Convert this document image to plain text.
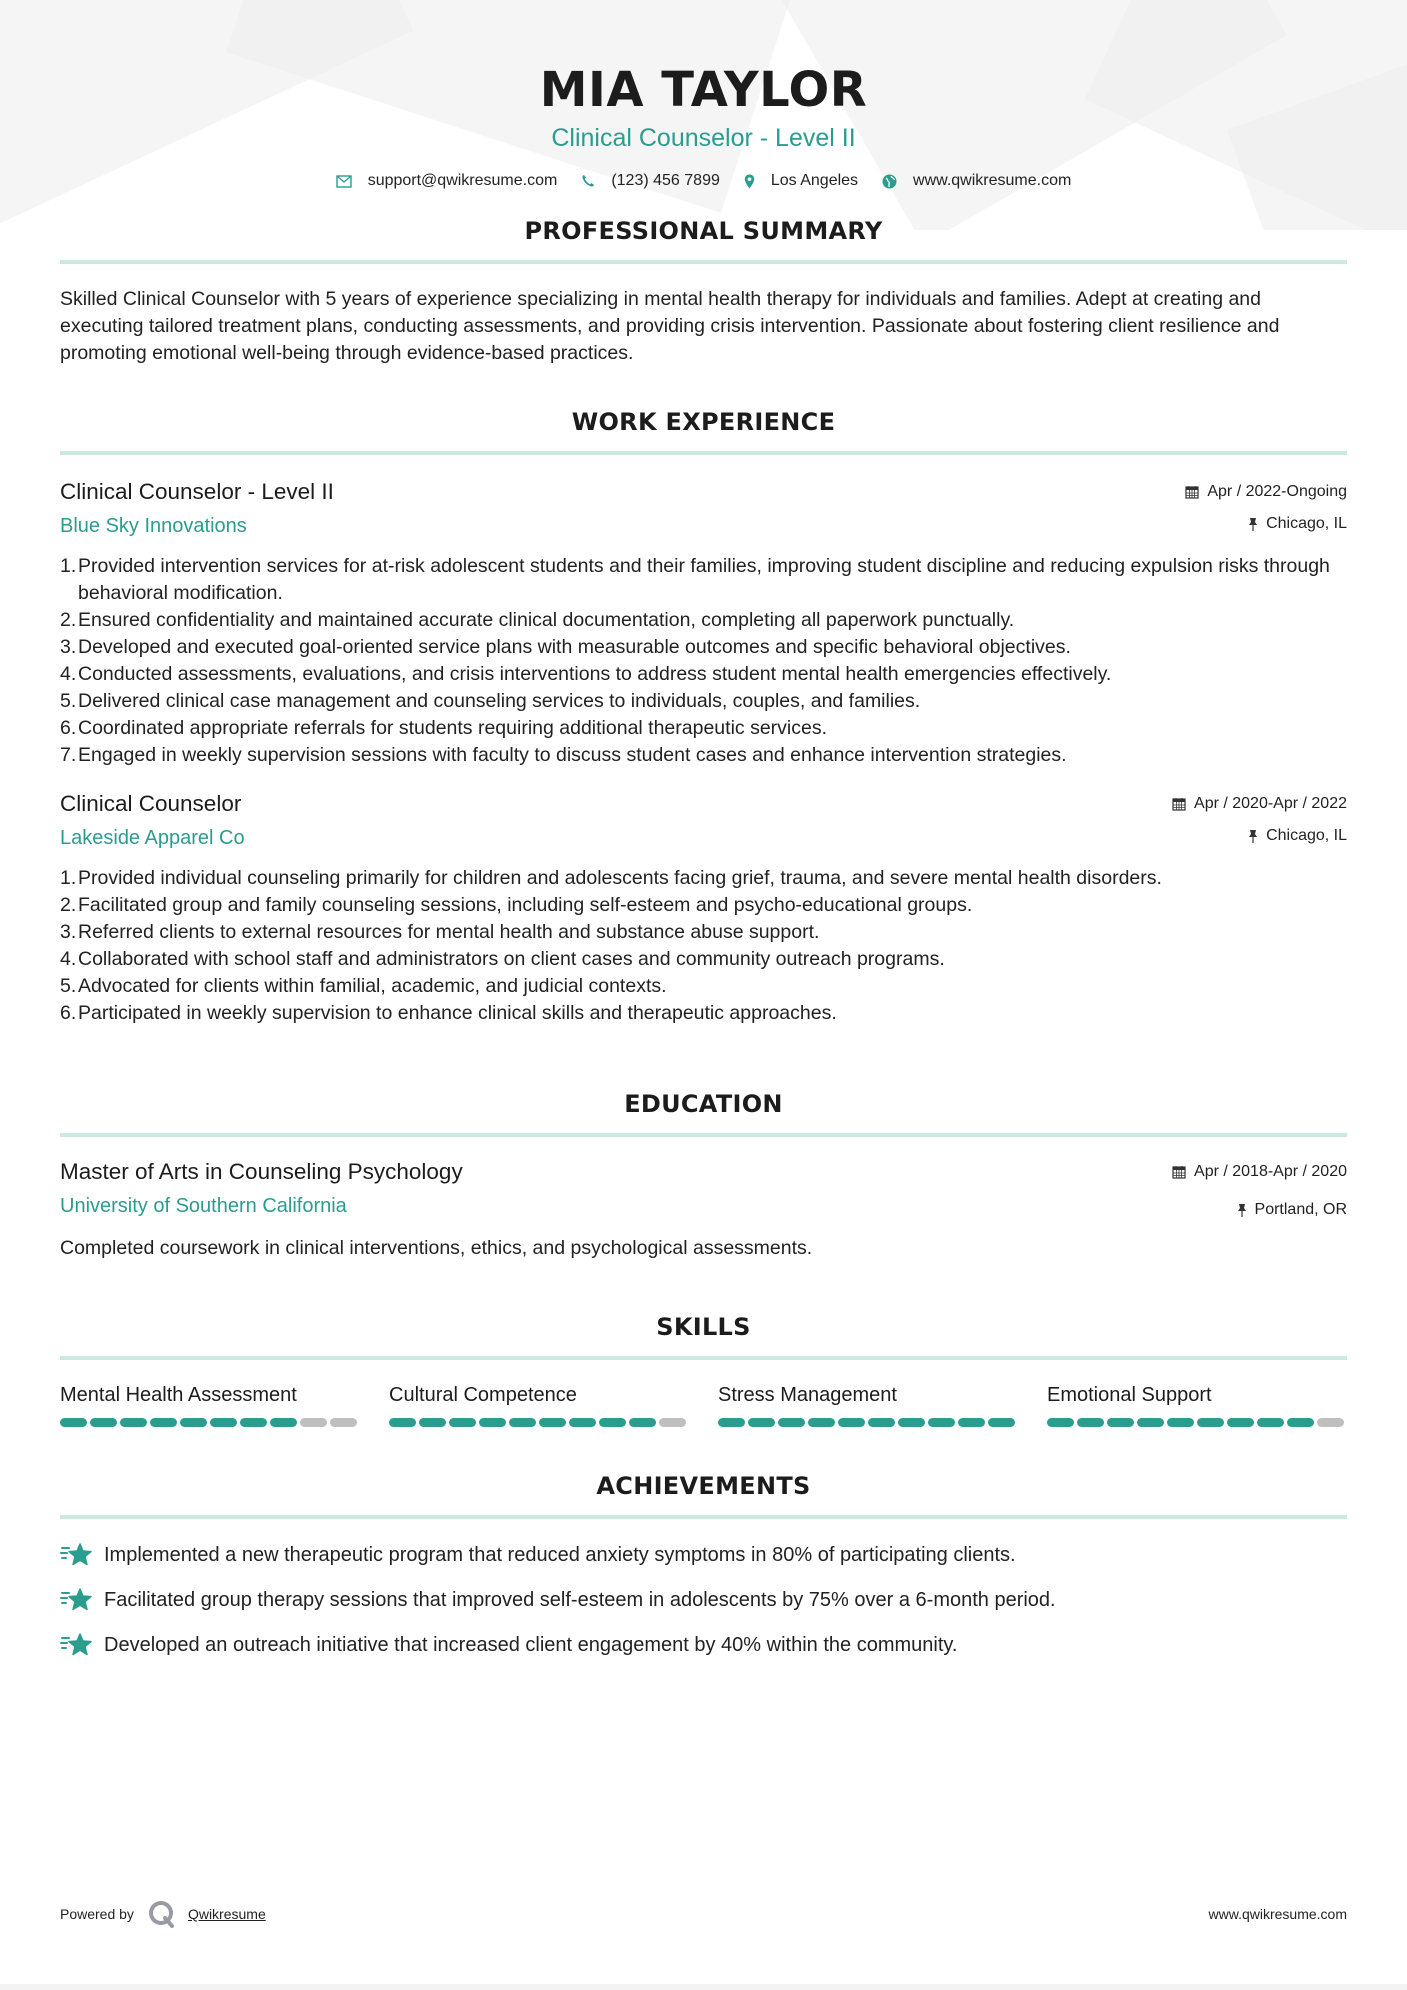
MIA TAYLOR
Clinical Counselor - Level II
support@qwikresume.com	(123) 456 7899	Los Angeles	www.qwikresume.com
PROFESSIONAL SUMMARY
Skilled Clinical Counselor with 5 years of experience specializing in mental health therapy for individuals and families. Adept at creating and executing tailored treatment plans, conducting assessments, and providing crisis intervention. Passionate about fostering client resilience and promoting emotional well-being through evidence-based practices.
WORK EXPERIENCE
Clinical Counselor - Level II
Blue Sky Innovations
Apr / 2022-Ongoing
Chicago, IL
1. Provided intervention services for at-risk adolescent students and their families, improving student discipline and reducing expulsion risks through behavioral modification.
2. Ensured confidentiality and maintained accurate clinical documentation, completing all paperwork punctually.
3. Developed and executed goal-oriented service plans with measurable outcomes and specific behavioral objectives.
4. Conducted assessments, evaluations, and crisis interventions to address student mental health emergencies effectively.
5. Delivered clinical case management and counseling services to individuals, couples, and families.
6. Coordinated appropriate referrals for students requiring additional therapeutic services.
7. Engaged in weekly supervision sessions with faculty to discuss student cases and enhance intervention strategies.
Clinical Counselor
Lakeside Apparel Co
Apr / 2020-Apr / 2022
Chicago, IL
1. Provided individual counseling primarily for children and adolescents facing grief, trauma, and severe mental health disorders.
2. Facilitated group and family counseling sessions, including self-esteem and psycho-educational groups.
3. Referred clients to external resources for mental health and substance abuse support.
4. Collaborated with school staff and administrators on client cases and community outreach programs.
5. Advocated for clients within familial, academic, and judicial contexts.
6. Participated in weekly supervision to enhance clinical skills and therapeutic approaches.
EDUCATION
Master of Arts in Counseling Psychology
University of Southern California
Apr / 2018-Apr / 2020
Portland, OR
Completed coursework in clinical interventions, ethics, and psychological assessments.
SKILLS
Mental Health Assessment	Cultural Competence	Stress Management	Emotional Support
ACHIEVEMENTS
Implemented a new therapeutic program that reduced anxiety symptoms in 80% of participating clients.
Facilitated group therapy sessions that improved self-esteem in adolescents by 75% over a 6-month period.
Developed an outreach initiative that increased client engagement by 40% within the community.
Powered by	Qwikresume	www.qwikresume.com
